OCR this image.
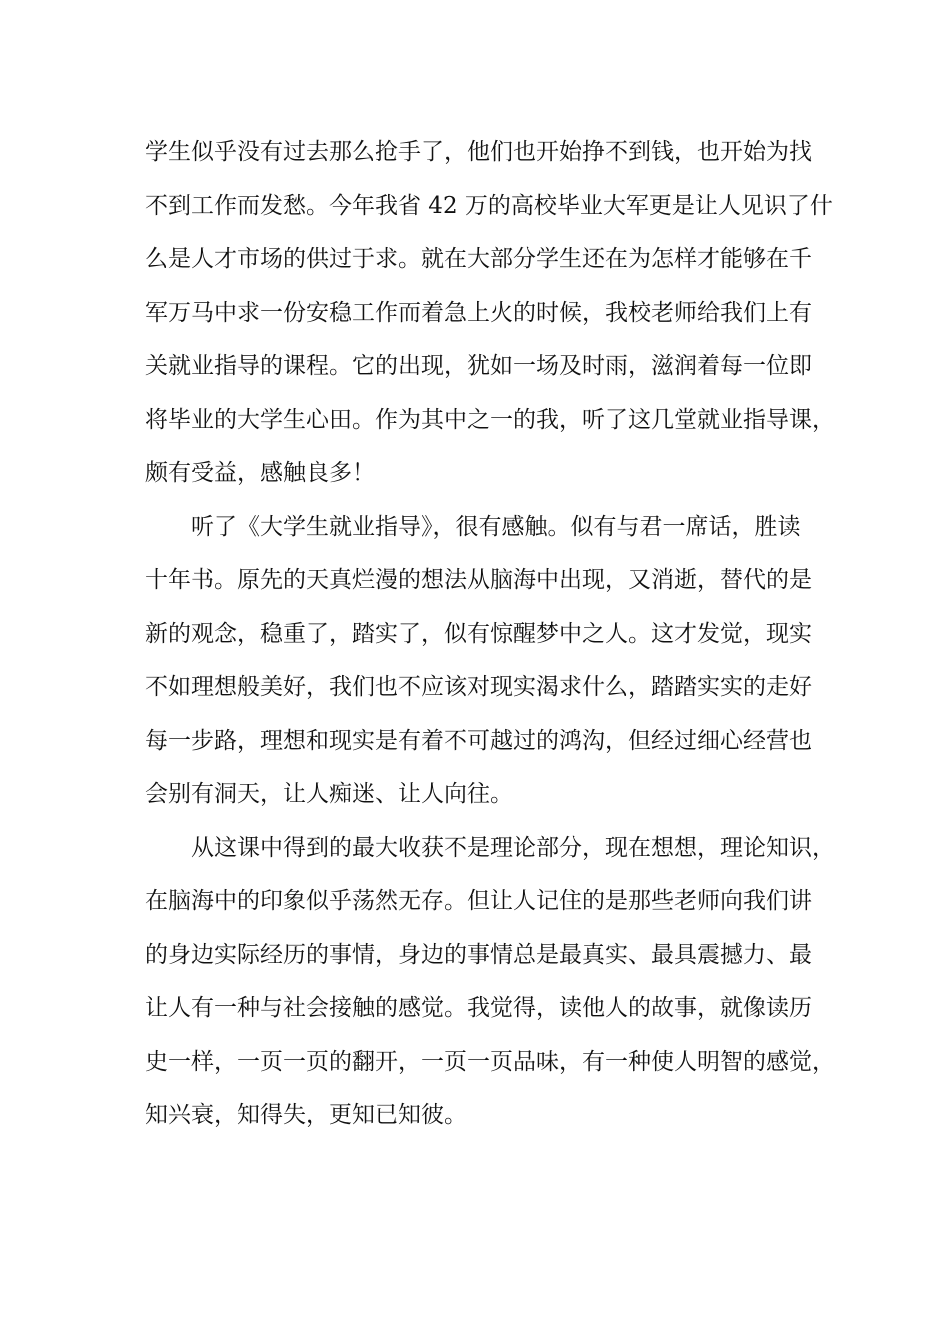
学生似乎没有过去那么抢手了，他们也开始挣不到钱，也开始为找
不到工作而发愁。今年我省 42 万的高校毕业大军更是让人见识了什
么是人才市场的供过于求。就在大部分学生还在为怎样才能够在千
军万马中求一份安稳工作而着急上火的时候，我校老师给我们上有
关就业指导的课程。它的出现，犹如一场及时雨，滋润着每一位即
将毕业的大学生心田。作为其中之一的我，听了这几堂就业指导课，
颇有受益，感触良多！
　　听了《大学生就业指导》，很有感触。似有与君一席话，胜读
十年书。原先的天真烂漫的想法从脑海中出现，又消逝，替代的是
新的观念，稳重了，踏实了，似有惊醒梦中之人。这才发觉，现实
不如理想般美好，我们也不应该对现实渴求什么，踏踏实实的走好
每一步路，理想和现实是有着不可越过的鸿沟，但经过细心经营也
会别有洞天，让人痴迷、让人向往。
　　从这课中得到的最大收获不是理论部分，现在想想，理论知识，
在脑海中的印象似乎荡然无存。但让人记住的是那些老师向我们讲
的身边实际经历的事情，身边的事情总是最真实、最具震撼力、最
让人有一种与社会接触的感觉。我觉得，读他人的故事，就像读历
史一样，一页一页的翻开，一页一页品味，有一种使人明智的感觉，
知兴衰，知得失，更知已知彼。
